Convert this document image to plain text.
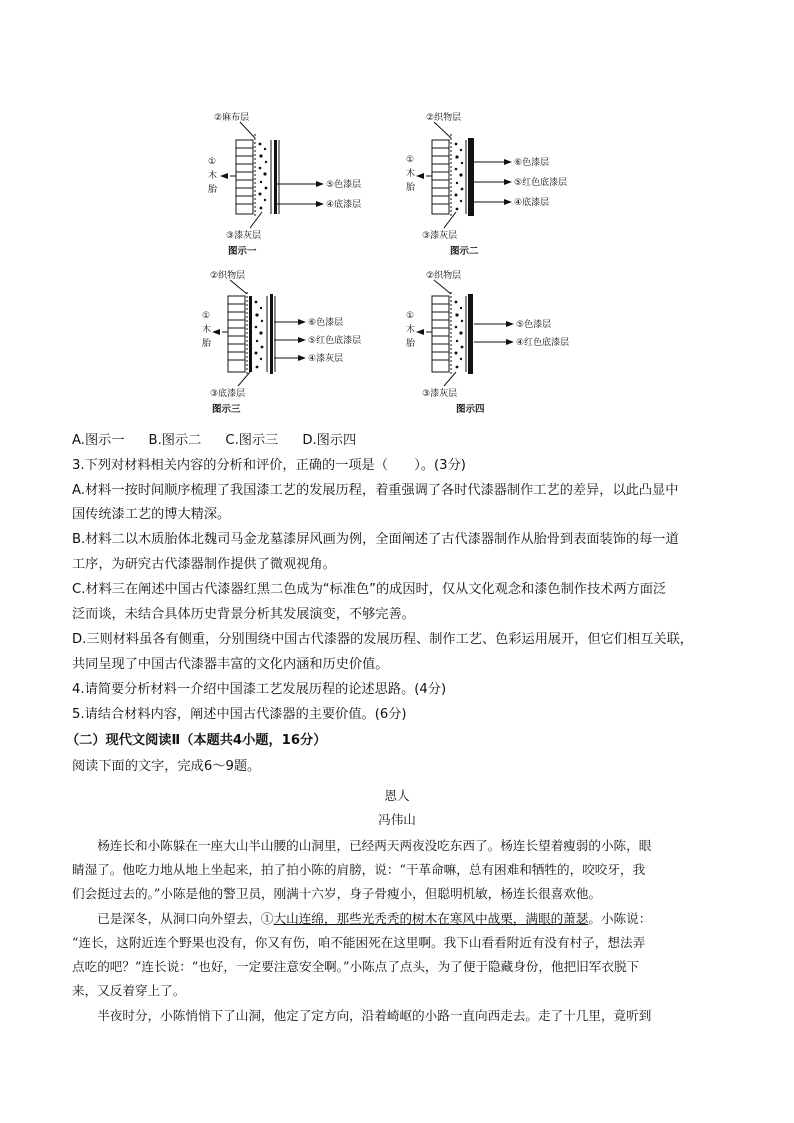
②麻布层
①
木
胎	⑤色漆层
④底漆层
③漆灰层
图示一
②织物层
①
木
胎
⑥色漆层
⑤红色底漆层
④底漆层
③漆灰层
图示二
②织物层
①
木
胎
⑥色漆层
⑤红色底漆层
④漆灰层
③底漆层
图示三
②织物层
①
木
胎
⑤色漆层
④红色底漆层
③漆灰层
图示四
A.图示一 B.图示二 C.图示三 D.图示四
3.下列对材料相关内容的分析和评价，正确的一项是（　　）。(3分)
A.材料一按时间顺序梳理了我国漆工艺的发展历程，着重强调了各时代漆器制作工艺的差异，以此凸显中
国传统漆工艺的博大精深。
B.材料二以木质胎体北魏司马金龙墓漆屏风画为例，全面阐述了古代漆器制作从胎骨到表面装饰的每一道
工序，为研究古代漆器制作提供了微观视角。
C.材料三在阐述中国古代漆器红黑二色成为“标准色”的成因时，仅从文化观念和漆色制作技术两方面泛
泛而谈，未结合具体历史背景分析其发展演变，不够完善。
D.三则材料虽各有侧重，分别围绕中国古代漆器的发展历程、制作工艺、色彩运用展开，但它们相互关联，
共同呈现了中国古代漆器丰富的文化内涵和历史价值。
4.请简要分析材料一介绍中国漆工艺发展历程的论述思路。(4分)
5.请结合材料内容，阐述中国古代漆器的主要价值。(6分)
（二）现代文阅读Ⅱ（本题共4小题，16分）
阅读下面的文字，完成6～9题。
恩人
冯伟山
　　杨连长和小陈躲在一座大山半山腰的山洞里，已经两天两夜没吃东西了。杨连长望着瘦弱的小陈，眼
睛湿了。他吃力地从地上坐起来，拍了拍小陈的肩膀，说：“干革命嘛，总有困难和牺牲的，咬咬牙，我
们会挺过去的。”小陈是他的警卫员，刚满十六岁，身子骨瘦小，但聪明机敏，杨连长很喜欢他。
　　已是深冬，从洞口向外望去，①大山连绵，那些光秃秃的树木在寒风中战栗，满眼的萧瑟。小陈说：
“连长，这附近连个野果也没有，你又有伤，咱不能困死在这里啊。我下山看看附近有没有村子，想法弄
点吃的吧？”连长说：“也好，一定要注意安全啊。”小陈点了点头，为了便于隐藏身份，他把旧军衣脱下
来，又反着穿上了。
　　半夜时分，小陈悄悄下了山洞，他定了定方向，沿着崎岖的小路一直向西走去。走了十几里，竟听到
